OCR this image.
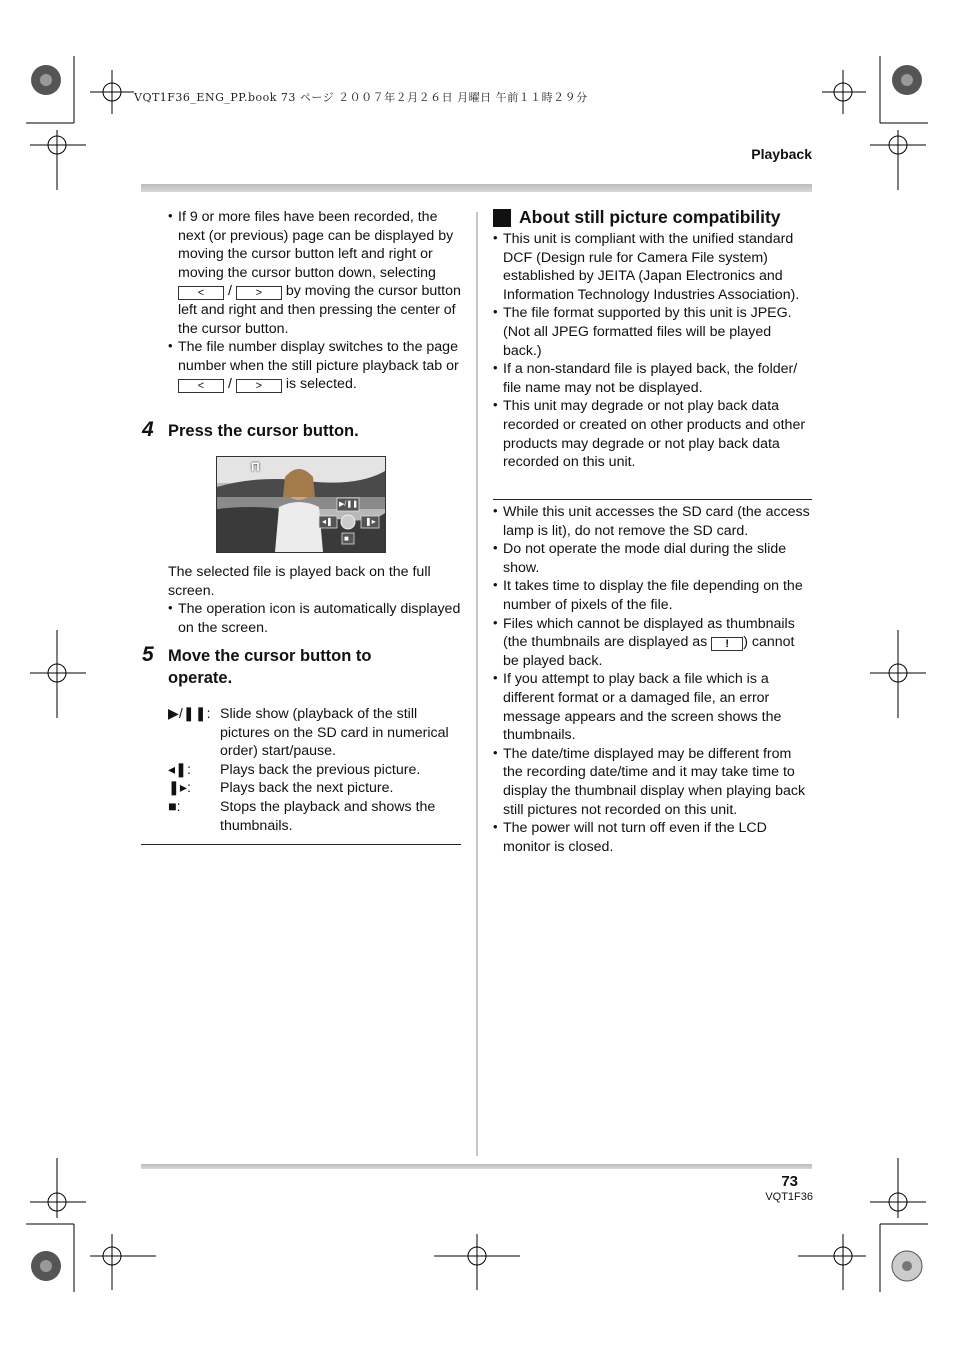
VQT1F36_ENG_PP.book 73 ページ ２００７年２月２６日 月曜日 午前１１時２９分
Playback
• If 9 or more files have been recorded, the next (or previous) page can be displayed by moving the cursor button left and right or moving the cursor button down, selecting
< / > by moving the cursor button left and right and then pressing the center of the cursor button.
• The file number display switches to the page number when the still picture playback tab or < / > is selected.
4 Press the cursor button.
Π
▶/❚❚
◂❚	❚▸
■
The selected file is played back on the full screen.
• The operation icon is automatically displayed on the screen.
5 Move the cursor button to operate.
▶/❚❚: Slide show (playback of the still pictures on the SD card in numerical order) start/pause.
◂❚:	Plays back the previous picture.
❚▸:	Plays back the next picture.
■:	Stops the playback and shows the thumbnails.
About still picture compatibility
• This unit is compliant with the unified standard DCF (Design rule for Camera File system) established by JEITA (Japan Electronics and Information Technology Industries Association).
• The file format supported by this unit is JPEG. (Not all JPEG formatted files will be played back.)
• If a non-standard file is played back, the folder/ file name may not be displayed.
• This unit may degrade or not play back data recorded or created on other products and other products may degrade or not play back data recorded on this unit.
• While this unit accesses the SD card (the access lamp is lit), do not remove the SD card.
• Do not operate the mode dial during the slide show.
• It takes time to display the file depending on the number of pixels of the file.
• Files which cannot be displayed as thumbnails (the thumbnails are displayed as ! ) cannot be played back.
• If you attempt to play back a file which is a different format or a damaged file, an error message appears and the screen shows the thumbnails.
• The date/time displayed may be different from the recording date/time and it may take time to display the thumbnail display when playing back still pictures not recorded on this unit.
• The power will not turn off even if the LCD monitor is closed.
73
VQT1F36
